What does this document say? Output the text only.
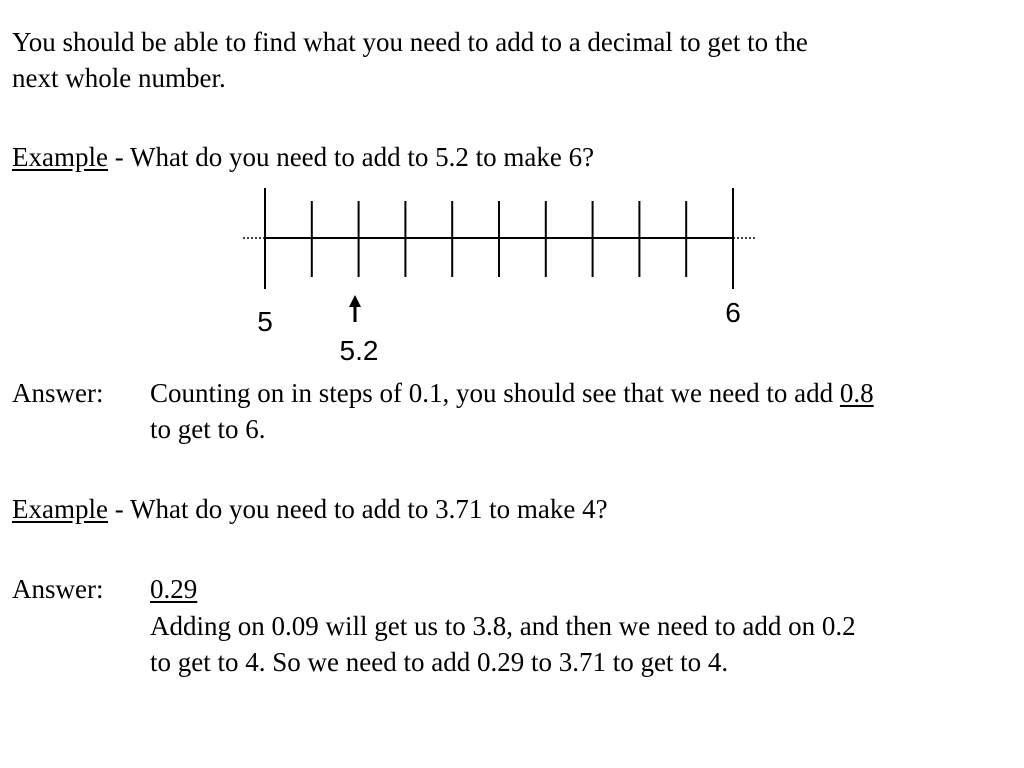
You should be able to find what you need to add to a decimal to get to the
next whole number.
Example - What do you need to add to 5.2 to make 6?
5	6
5.2
Answer: Counting on in steps of 0.1, you should see that we need to add 0.8
to get to 6.
Example - What do you need to add to 3.71 to make 4?
Answer: 0.29
Adding on 0.09 will get us to 3.8, and then we need to add on 0.2
to get to 4. So we need to add 0.29 to 3.71 to get to 4.
